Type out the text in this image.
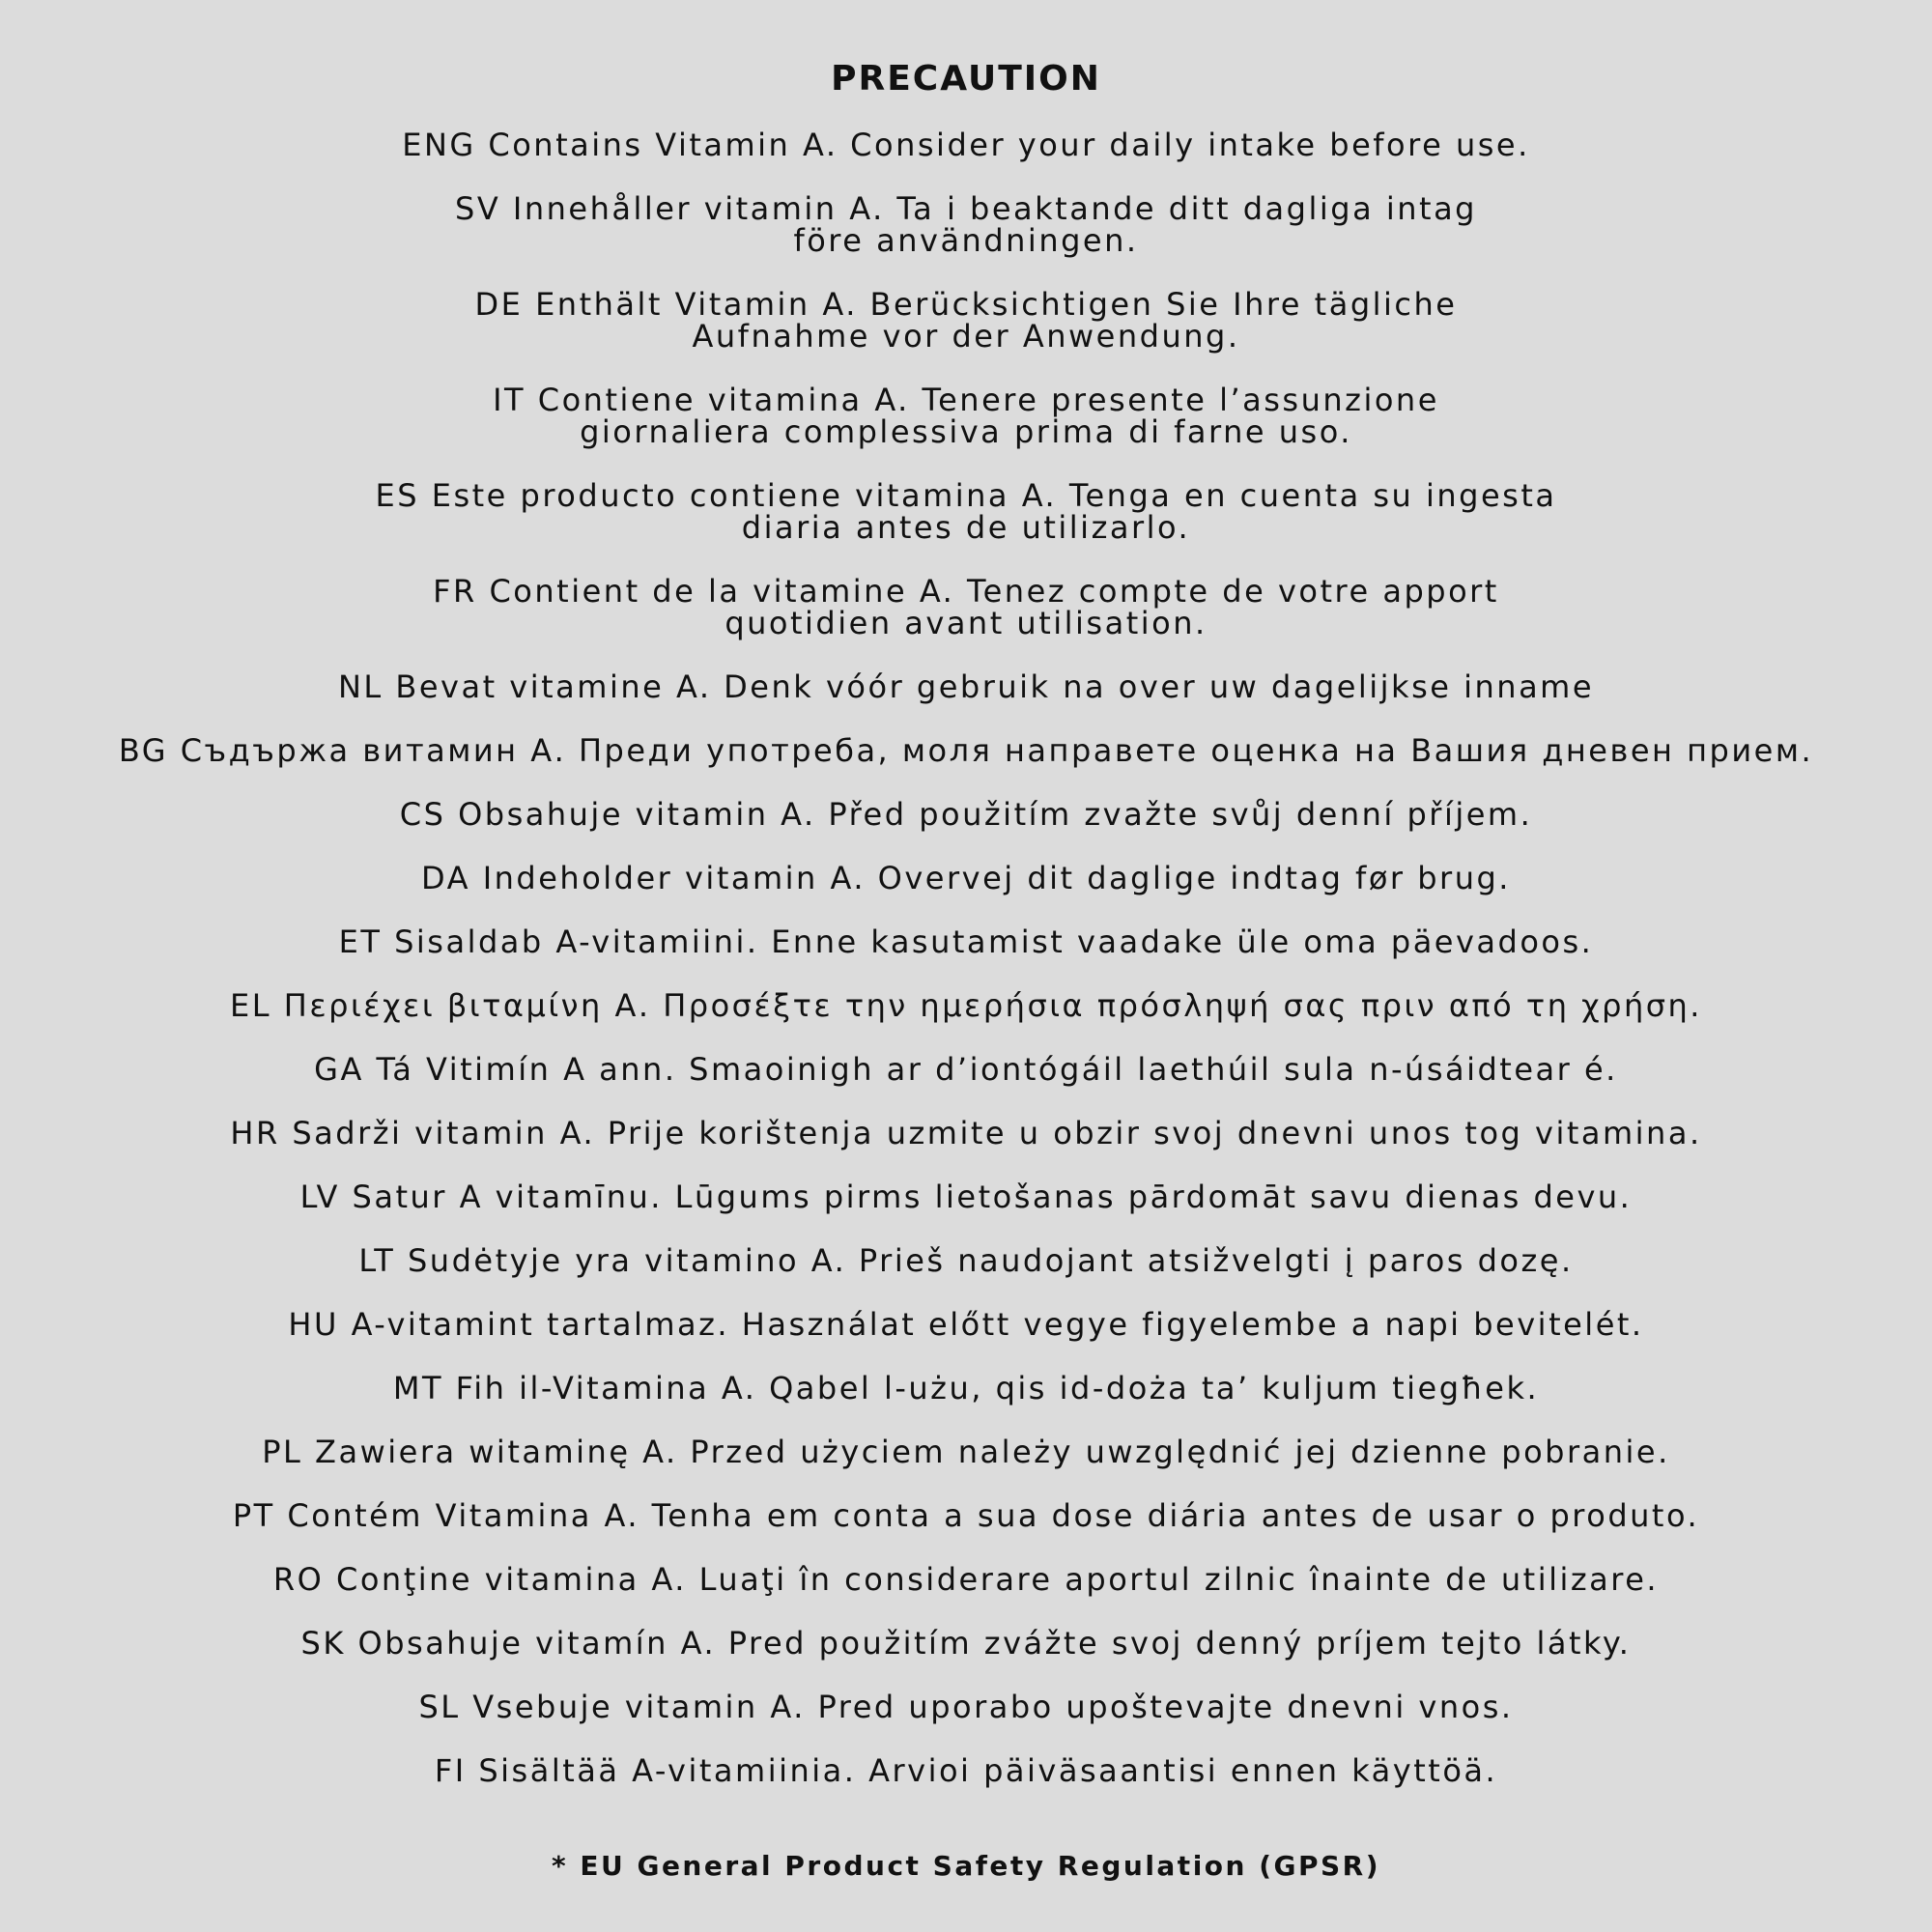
PRECAUTION
ENG Contains Vitamin A. Consider your daily intake before use.
SV Innehåller vitamin A. Ta i beaktande ditt dagliga intag
före användningen.
DE Enthält Vitamin A. Berücksichtigen Sie Ihre tägliche
Aufnahme vor der Anwendung.
IT Contiene vitamina A. Tenere presente l’assunzione
giornaliera complessiva prima di farne uso.
ES Este producto contiene vitamina A. Tenga en cuenta su ingesta
diaria antes de utilizarlo.
FR Contient de la vitamine A. Tenez compte de votre apport
quotidien avant utilisation.
NL Bevat vitamine A. Denk vóór gebruik na over uw dagelijkse inname
BG Съдържа витамин А. Преди употреба, моля направете оценка на Вашия дневен прием.
CS Obsahuje vitamin A. Před použitím zvažte svůj denní příjem.
DA Indeholder vitamin A. Overvej dit daglige indtag før brug.
ET Sisaldab A-vitamiini. Enne kasutamist vaadake üle oma päevadoos.
EL Περιέχει βιταμίνη Α. Προσέξτε την ημερήσια πρόσληψή σας πριν από τη χρήση.
GA Tá Vitimín A ann. Smaoinigh ar d’iontógáil laethúil sula n-úsáidtear é.
HR Sadrži vitamin A. Prije korištenja uzmite u obzir svoj dnevni unos tog vitamina.
LV Satur A vitamīnu. Lūgums pirms lietošanas pārdomāt savu dienas devu.
LT Sudėtyje yra vitamino A. Prieš naudojant atsižvelgti į paros dozę.
HU A-vitamint tartalmaz. Használat előtt vegye figyelembe a napi bevitelét.
MT Fih il-Vitamina A. Qabel l-użu, qis id-doża ta’ kuljum tiegħek.
PL Zawiera witaminę A. Przed użyciem należy uwzględnić jej dzienne pobranie.
PT Contém Vitamina A. Tenha em conta a sua dose diária antes de usar o produto.
RO Conţine vitamina A. Luaţi în considerare aportul zilnic înainte de utilizare.
SK Obsahuje vitamín A. Pred použitím zvážte svoj denný príjem tejto látky.
SL Vsebuje vitamin A. Pred uporabo upoštevajte dnevni vnos.
FI Sisältää A-vitamiinia. Arvioi päiväsaantisi ennen käyttöä.
* EU General Product Safety Regulation (GPSR)
